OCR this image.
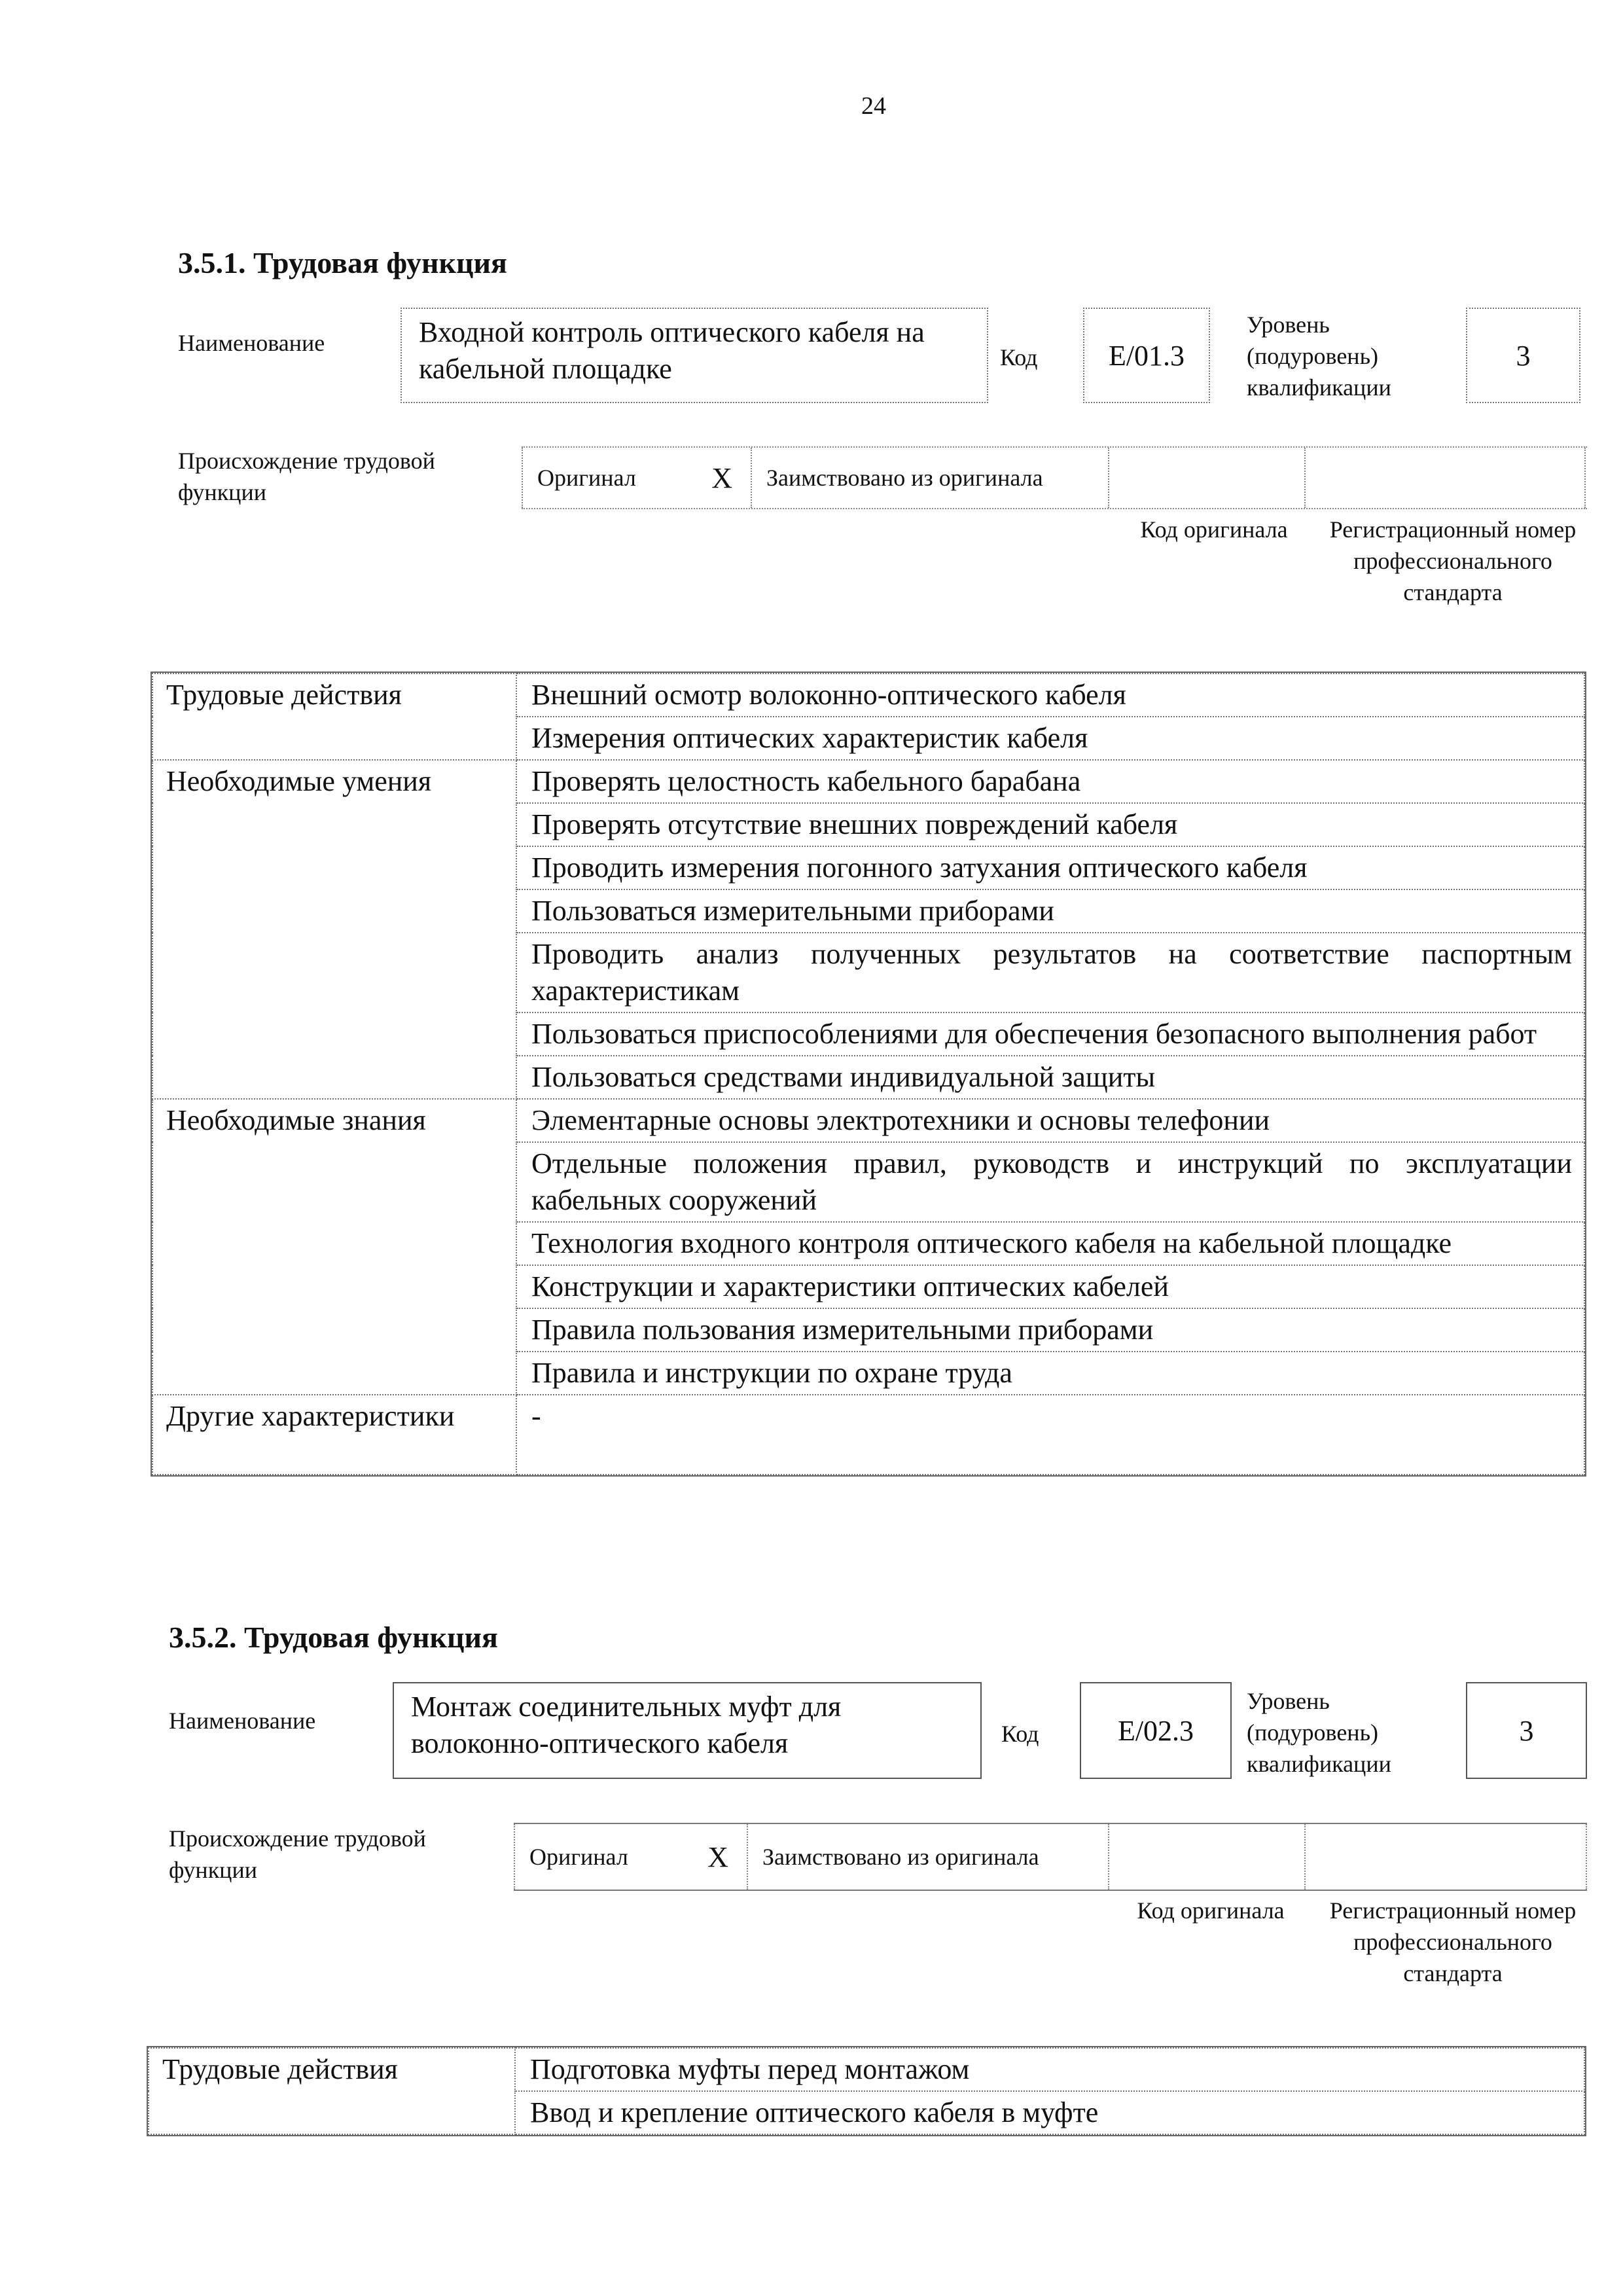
24
3.5.1. Трудовая функция
Наименование	Входной контроль оптического кабеля на кабельной площадке	Код E/01.3
Уровень (подуровень) квалификации
3
Происхождение трудовой функции
Оригинал	X Заимствовано из оригинала
Код оригинала	Регистрационный номер профессионального стандарта
Трудовые действия	Внешний осмотр волоконно-оптического кабеля
	Измерения оптических характеристик кабеля
Необходимые умения	Проверять целостность кабельного барабана
	Проверять отсутствие внешних повреждений кабеля
	Проводить измерения погонного затухания оптического кабеля
	Пользоваться измерительными приборами
	Проводить анализ полученных результатов на соответствие паспортным характеристикам
	Пользоваться приспособлениями для обеспечения безопасного выполнения работ
	Пользоваться средствами индивидуальной защиты
Необходимые знания	Элементарные основы электротехники и основы телефонии
	Отдельные положения правил, руководств и инструкций по эксплуатации кабельных сооружений
	Технология входного контроля оптического кабеля на кабельной площадке
	Конструкции и характеристики оптических кабелей
	Правила пользования измерительными приборами
	Правила и инструкции по охране труда
Другие характеристики	-
3.5.2. Трудовая функция
Наименование	Монтаж соединительных муфт для волоконно-оптического кабеля	Код	E/02.3
Уровень (подуровень) квалификации
3
Происхождение трудовой функции	Оригинал	X Заимствовано из оригинала
Код оригинала	Регистрационный номер профессионального стандарта
Трудовые действия	Подготовка муфты перед монтажом
Ввод и крепление оптического кабеля в муфте
